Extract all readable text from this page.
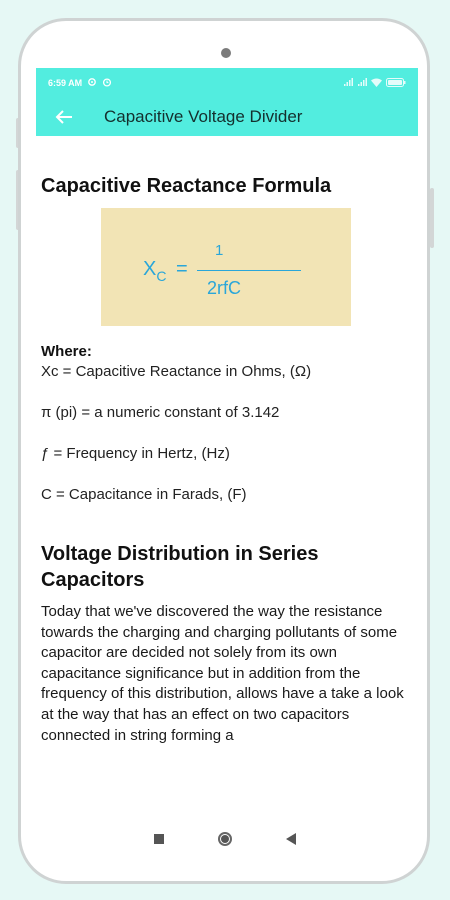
6:59 AM
Capacitive Voltage Divider
Capacitive Reactance Formula
$X_C$ =
1
2rfC
Where:
Xc = Capacitive Reactance in Ohms, (Ω)
π (pi) = a numeric constant of 3.142
ƒ = Frequency in Hertz, (Hz)
C = Capacitance in Farads, (F)
Voltage Distribution in Series Capacitors
Today that we've discovered the way the resistance towards the charging and charging pollutants of some capacitor are decided not solely from its own capacitance significance but in addition from the frequency of this distribution, allows have a take a look at the way that has an effect on two capacitors connected in string forming a
